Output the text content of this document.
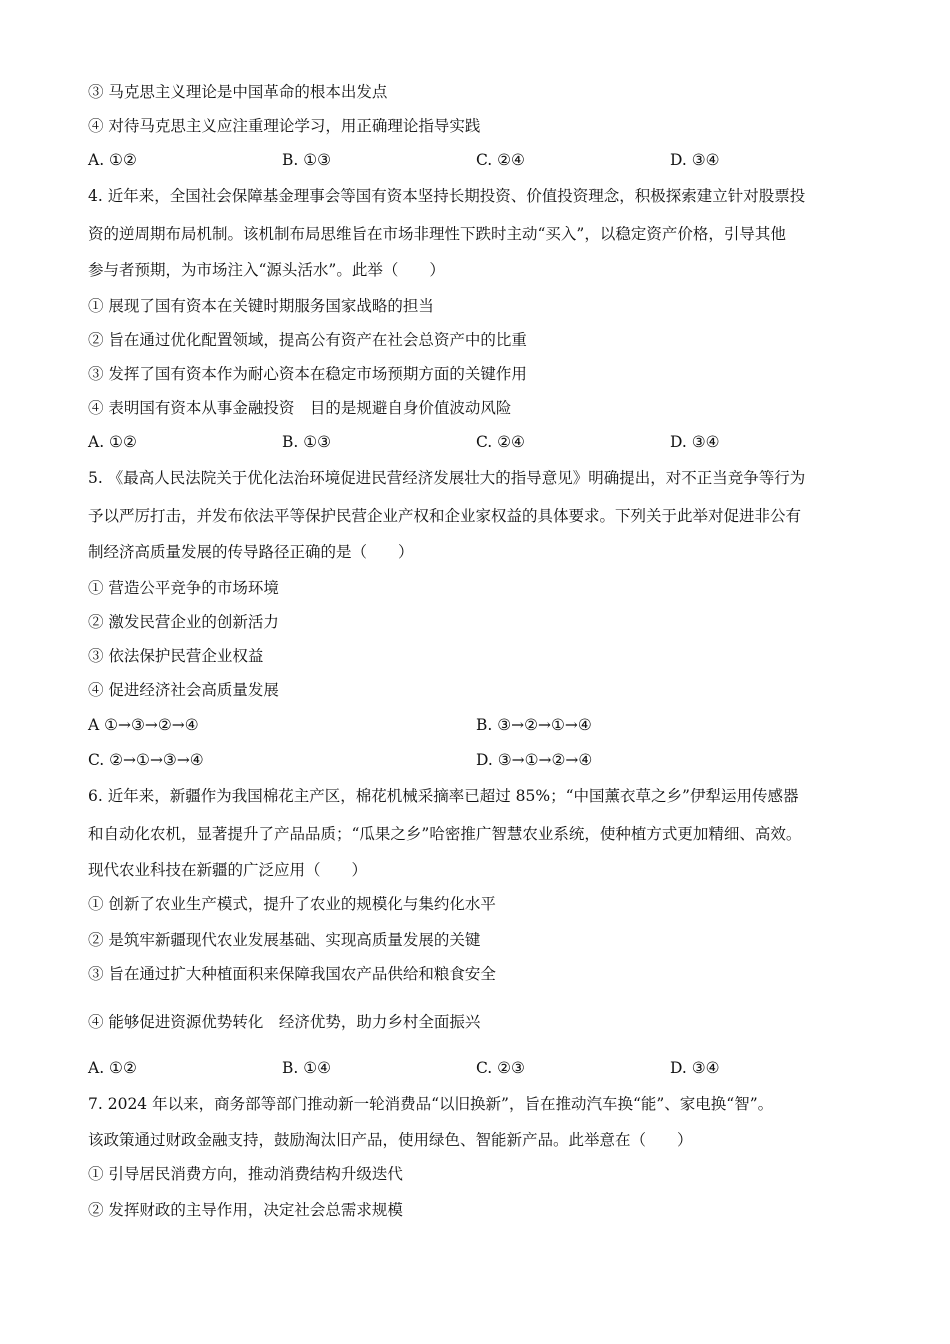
③ 马克思主义理论是中国革命的根本出发点
④ 对待马克思主义应注重理论学习，用正确理论指导实践
A. ①②	B. ①③	C. ②④	D. ③④
4. 近年来，全国社会保障基金理事会等国有资本坚持长期投资、价值投资理念，积极探索建立针对股票投
资的逆周期布局机制。该机制布局思维旨在市场非理性下跌时主动“买入”，以稳定资产价格，引导其他
参与者预期，为市场注入“源头活水”。此举（　　）
① 展现了国有资本在关键时期服务国家战略的担当
② 旨在通过优化配置领域，提高公有资产在社会总资产中的比重
③ 发挥了国有资本作为耐心资本在稳定市场预期方面的关键作用
④ 表明国有资本从事金融投资　目的是规避自身价值波动风险
A. ①②	B. ①③	C. ②④	D. ③④
5. 《最高人民法院关于优化法治环境促进民营经济发展壮大的指导意见》明确提出，对不正当竞争等行为
予以严厉打击，并发布依法平等保护民营企业产权和企业家权益的具体要求。下列关于此举对促进非公有
制经济高质量发展的传导路径正确的是（　　）
① 营造公平竞争的市场环境
② 激发民营企业的创新活力
③ 依法保护民营企业权益
④ 促进经济社会高质量发展
A ①→③→②→④	B. ③→②→①→④
C. ②→①→③→④	D. ③→①→②→④
6. 近年来，新疆作为我国棉花主产区，棉花机械采摘率已超过 85%；“中国薰衣草之乡”伊犁运用传感器
和自动化农机，显著提升了产品品质；“瓜果之乡”哈密推广智慧农业系统，使种植方式更加精细、高效。
现代农业科技在新疆的广泛应用（　　）
① 创新了农业生产模式，提升了农业的规模化与集约化水平
② 是筑牢新疆现代农业发展基础、实现高质量发展的关键
③ 旨在通过扩大种植面积来保障我国农产品供给和粮食安全
④ 能够促进资源优势转化　经济优势，助力乡村全面振兴
A. ①②	B. ①④	C. ②③	D. ③④
7. 2024 年以来，商务部等部门推动新一轮消费品“以旧换新”，旨在推动汽车换“能”、家电换“智”。
该政策通过财政金融支持，鼓励淘汰旧产品，使用绿色、智能新产品。此举意在（　　）
① 引导居民消费方向，推动消费结构升级迭代
② 发挥财政的主导作用，决定社会总需求规模
